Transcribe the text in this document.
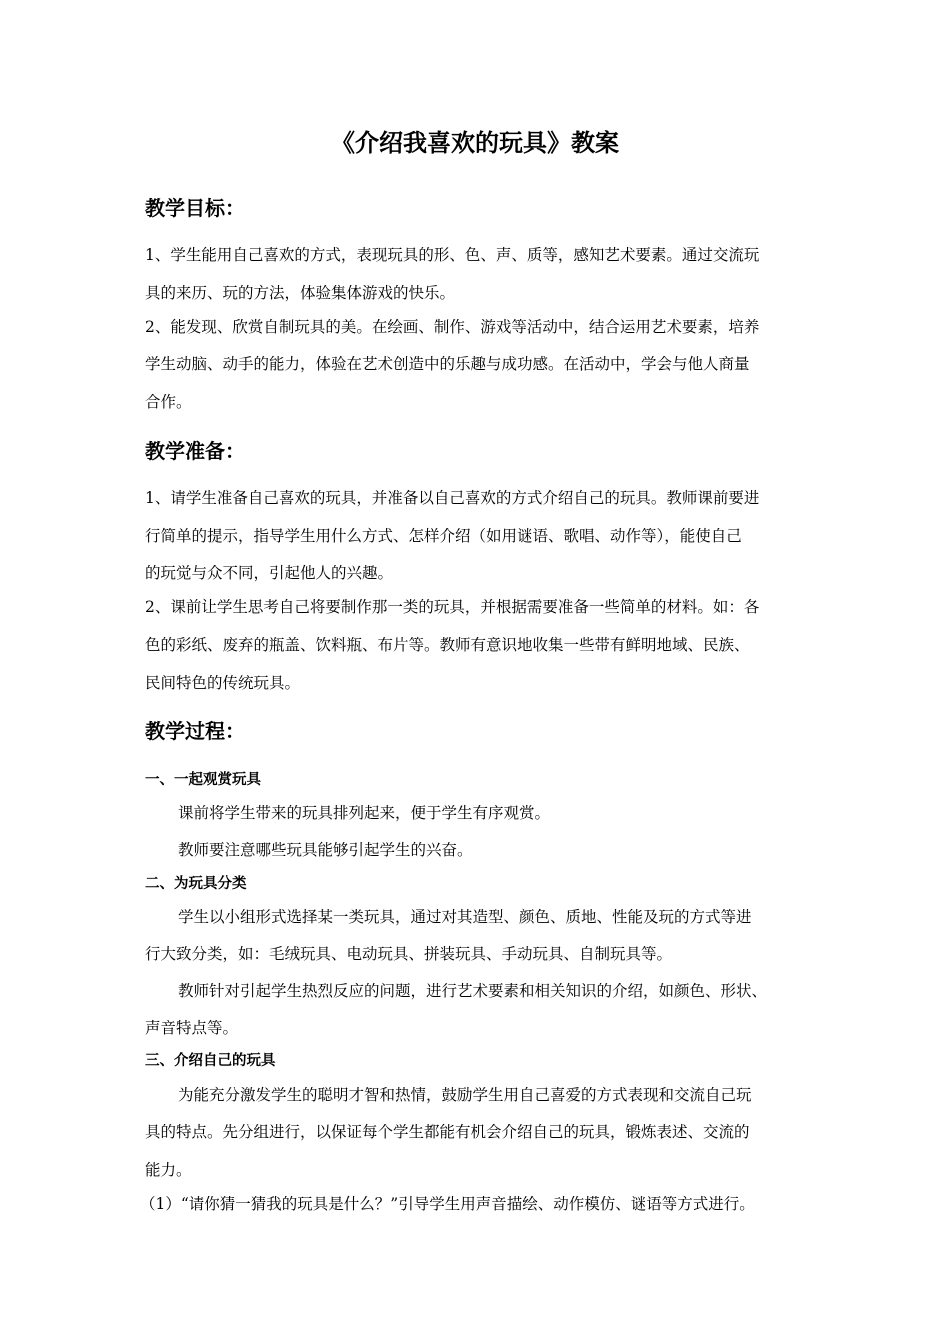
《介绍我喜欢的玩具》教案
教学目标：
1、学生能用自己喜欢的方式，表现玩具的形、色、声、质等，感知艺术要素。通过交流玩
具的来历、玩的方法，体验集体游戏的快乐。
2、能发现、欣赏自制玩具的美。在绘画、制作、游戏等活动中，结合运用艺术要素，培养
学生动脑、动手的能力，体验在艺术创造中的乐趣与成功感。在活动中，学会与他人商量
合作。
教学准备：
1、请学生准备自己喜欢的玩具，并准备以自己喜欢的方式介绍自己的玩具。教师课前要进
行简单的提示，指导学生用什么方式、怎样介绍（如用谜语、歌唱、动作等），能使自己
的玩觉与众不同，引起他人的兴趣。
2、课前让学生思考自己将要制作那一类的玩具，并根据需要准备一些简单的材料。如：各
色的彩纸、废弃的瓶盖、饮料瓶、布片等。教师有意识地收集一些带有鲜明地域、民族、
民间特色的传统玩具。
教学过程：
一、一起观赏玩具
课前将学生带来的玩具排列起来，便于学生有序观赏。
教师要注意哪些玩具能够引起学生的兴奋。
二、为玩具分类
学生以小组形式选择某一类玩具，通过对其造型、颜色、质地、性能及玩的方式等进
行大致分类，如：毛绒玩具、电动玩具、拼装玩具、手动玩具、自制玩具等。
教师针对引起学生热烈反应的问题，进行艺术要素和相关知识的介绍，如颜色、形状、
声音特点等。
三、介绍自己的玩具
为能充分激发学生的聪明才智和热情，鼓励学生用自己喜爱的方式表现和交流自己玩
具的特点。先分组进行，以保证每个学生都能有机会介绍自己的玩具，锻炼表述、交流的
能力。
（1）“请你猜一猜我的玩具是什么？”引导学生用声音描绘、动作模仿、谜语等方式进行。
